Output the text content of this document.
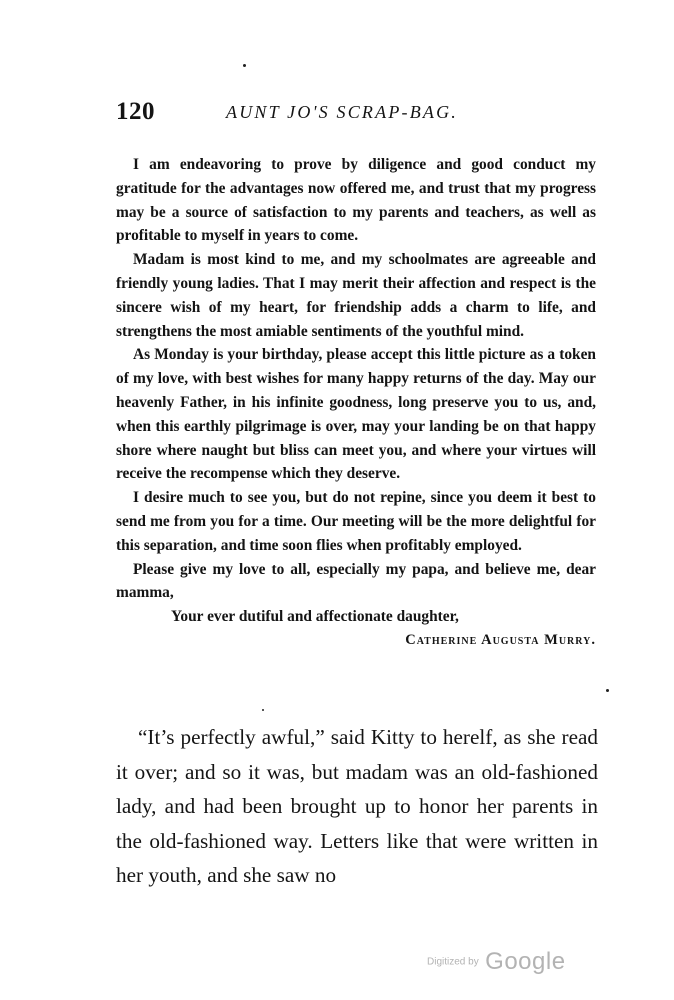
120	AUNT JO'S SCRAP-BAG.

I am endeavoring to prove by diligence and good conduct my gratitude for the advantages now offered me, and trust that my progress may be a source of satisfaction to my parents and teachers, as well as profitable to myself in years to come.

Madam is most kind to me, and my schoolmates are agreeable and friendly young ladies. That I may merit their affection and respect is the sincere wish of my heart, for friendship adds a charm to life, and strengthens the most amiable sentiments of the youthful mind.

As Monday is your birthday, please accept this little picture as a token of my love, with best wishes for many happy returns of the day. May our heavenly Father, in his infinite goodness, long preserve you to us, and, when this earthly pilgrimage is over, may your landing be on that happy shore where naught but bliss can meet you, and where your virtues will receive the recompense which they deserve.

I desire much to see you, but do not repine, since you deem it best to send me from you for a time. Our meeting will be the more delightful for this separation, and time soon flies when profitably employed.

Please give my love to all, especially my papa, and believe me, dear mamma,

Your ever dutiful and affectionate daughter,

Catherine Augusta Murry.

“It’s perfectly awful,” said Kitty to herelf, as she read it over; and so it was, but madam was an old-fashioned lady, and had been brought up to honor her parents in the old-fashioned way. Letters like that were written in her youth, and she saw no

Digitized by Google
